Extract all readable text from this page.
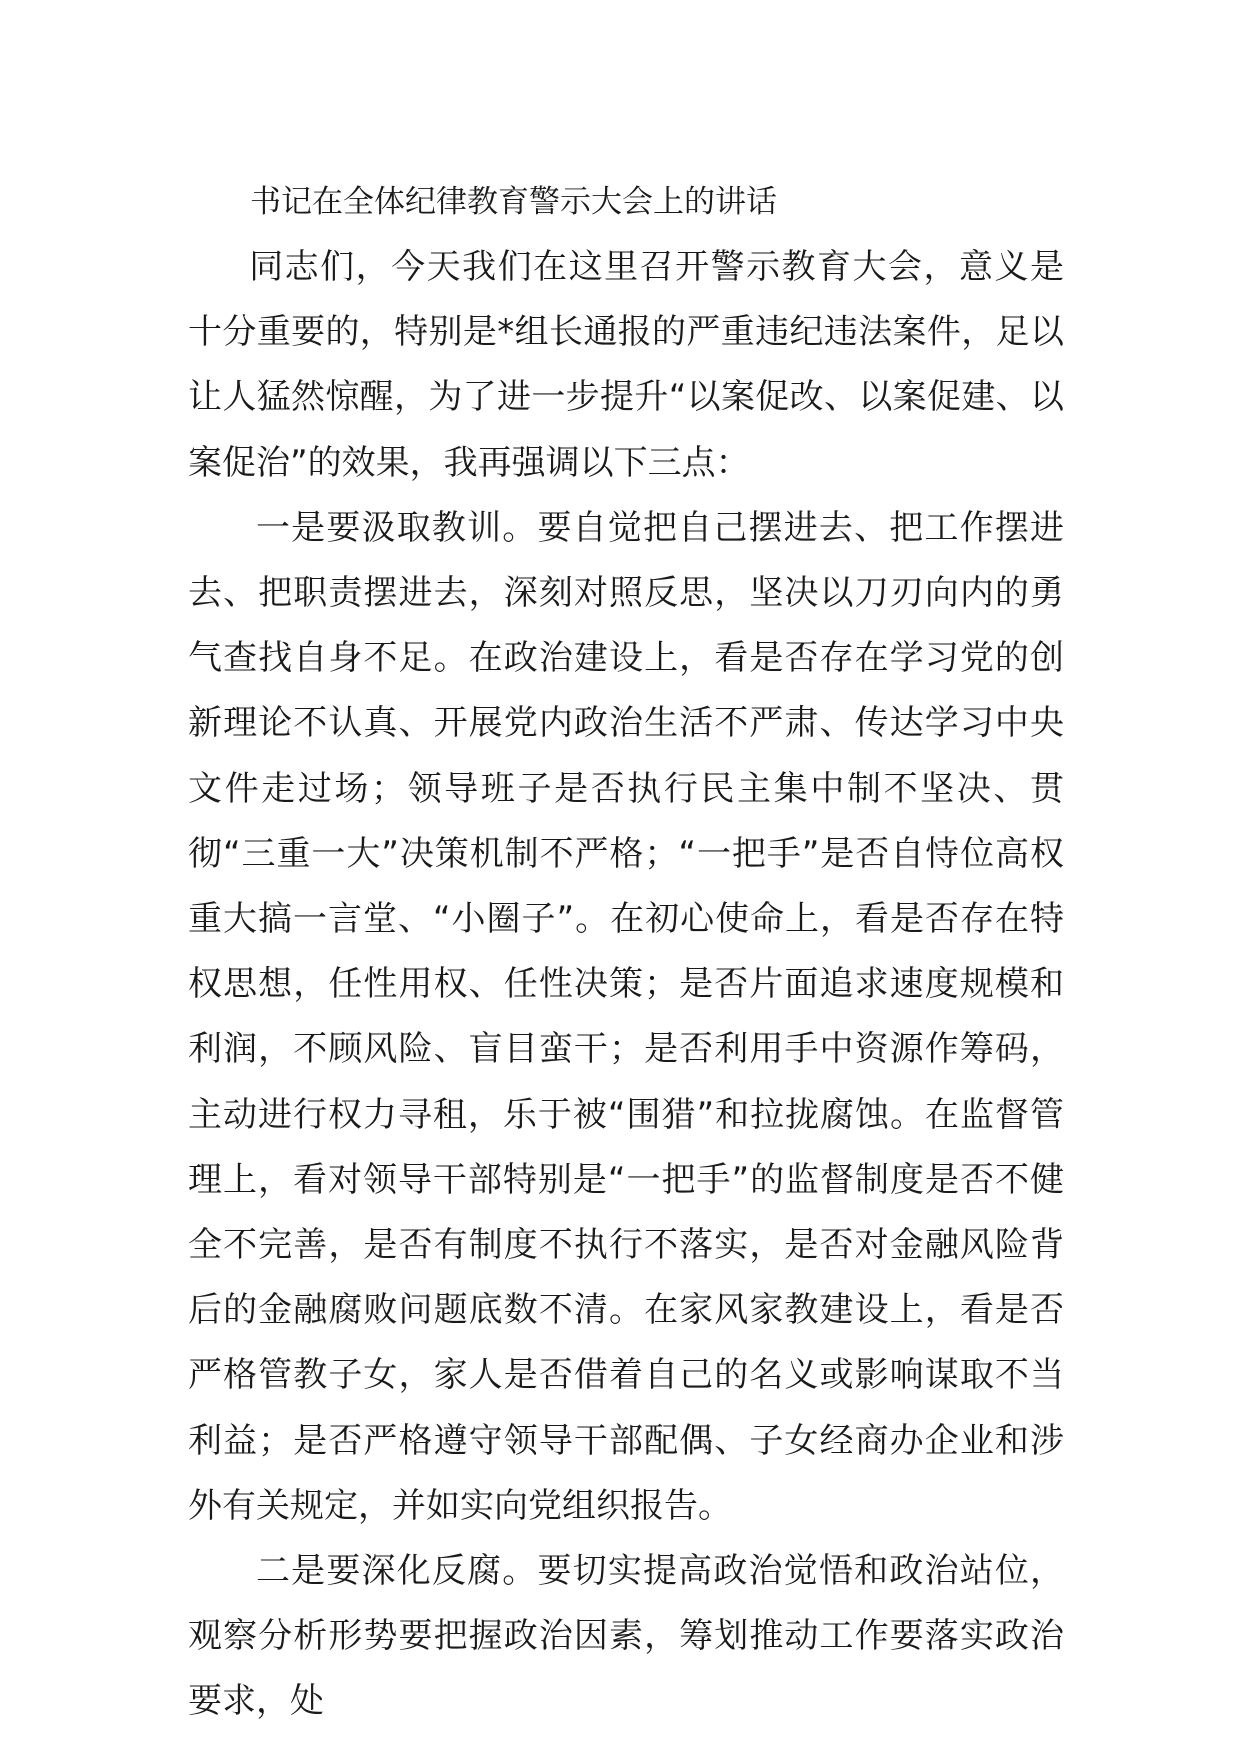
书记在全体纪律教育警示大会上的讲话

同志们，今天我们在这里召开警示教育大会，意义是十分重要的，特别是*组长通报的严重违纪违法案件，足以让人猛然惊醒，为了进一步提升“以案促改、以案促建、以案促治”的效果，我再强调以下三点：

一是要汲取教训。要自觉把自己摆进去、把工作摆进去、把职责摆进去，深刻对照反思，坚决以刀刃向内的勇气查找自身不足。在政治建设上，看是否存在学习党的创新理论不认真、开展党内政治生活不严肃、传达学习中央文件走过场；领导班子是否执行民主集中制不坚决、贯彻“三重一大”决策机制不严格；“一把手”是否自恃位高权重大搞一言堂、“小圈子”。在初心使命上，看是否存在特权思想，任性用权、任性决策；是否片面追求速度规模和利润，不顾风险、盲目蛮干；是否利用手中资源作筹码，主动进行权力寻租，乐于被“围猎”和拉拢腐蚀。在监督管理上，看对领导干部特别是“一把手”的监督制度是否不健全不完善，是否有制度不执行不落实，是否对金融风险背后的金融腐败问题底数不清。在家风家教建设上，看是否严格管教子女，家人是否借着自己的名义或影响谋取不当利益；是否严格遵守领导干部配偶、子女经商办企业和涉外有关规定，并如实向党组织报告。

二是要深化反腐。要切实提高政治觉悟和政治站位，观察分析形势要把握政治因素，筹划推动工作要落实政治要求，处
